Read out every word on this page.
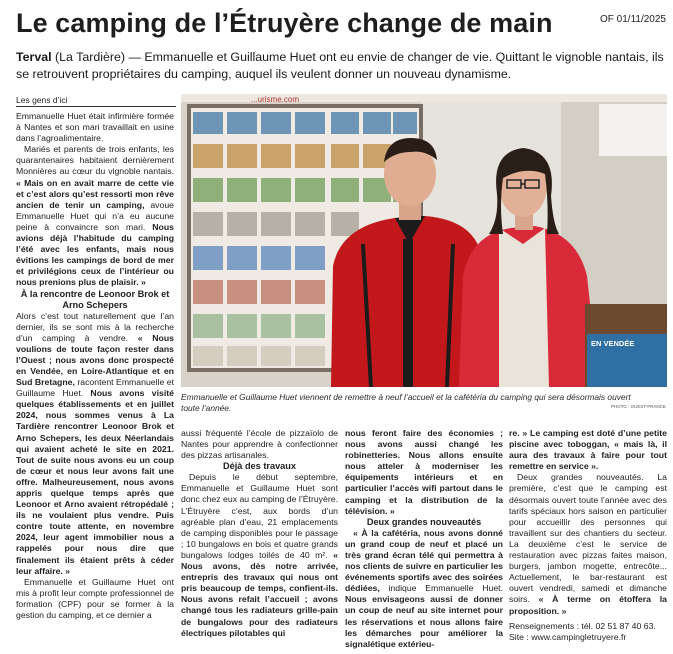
Le camping de l’Étruyère change de main	OF 01/11/2025
Terval (La Tardière) — Emmanuelle et Guillaume Huet ont eu envie de changer de vie. Quittant le vignoble nantais, ils se retrouvent propriétaires du camping, auquel ils veulent donner un nouveau dynamisme.
Les gens d’ici

Emmanuelle Huet était infirmière formée à Nantes et son mari travaillait en usine dans l’agroalimentaire.

Mariés et parents de trois enfants, les quarantenaires habitaient dernièrement Monnières au cœur du vignoble nantais. « Mais on en avait marre de cette vie et c’est alors qu’est ressorti mon rêve ancien de tenir un camping, avoue Emmanuelle Huet qui n’a eu aucune peine à convaincre son mari. Nous avions déjà l’habitude du camping l’été avec les enfants, mais nous évitions les campings de bord de mer et privilégions ceux de l’intérieur ou nous prenions plus de plaisir. »

À la rencontre de Leonoor Brok et Arno Schepers

Alors c’est tout naturellement que l’an dernier, ils se sont mis à la recherche d’un camping à vendre. « Nous voulions de toute façon rester dans l’Ouest ; nous avons donc prospecté en Vendée, en Loire-Atlantique et en Sud Bretagne, racontent Emmanuelle et Guillaume Huet. Nous avons visité quelques établissements et en juillet 2024, nous sommes venus à La Tardière rencontrer Leonoor Brok et Arno Schepers, les deux Néerlandais qui avaient acheté le site en 2021. Tout de suite nous avons eu un coup de cœur et nous leur avons fait une offre. Malheureusement, nous avons appris quelque temps après que Leonoor et Arno avaient rétropédalé ; ils ne voulaient plus vendre. Puis contre toute attente, en novembre 2024, leur agent immobilier nous a rappelés pour nous dire que finalement ils étaient prêts à céder leur affaire. »

Emmanuelle et Guillaume Huet ont mis à profit leur compte professionnel de formation (CPF) pour se former à la gestion du camping, et ce dernier a

...urisme.com
EN VENDÉE
Emmanuelle et Guillaume Huet viennent de remettre à neuf l’accueil et la cafétéria du camping qui sera désormais ouvert toute l’année.	PHOTO : OUEST-FRANCE

aussi fréquenté l’école de pizzaïolo de Nantes pour apprendre à confectionner des pizzas artisanales.

Déjà des travaux

Depuis le début septembre, Emmanuelle et Guillaume Huet sont donc chez eux au camping de l’Étruyère. L’Étruyère c’est, aux bords d’un agréable plan d’eau, 21 emplacements de camping disponibles pour le passage ; 10 bungalows en bois et quatre grands bungalows lodges toilés de 40 m². « Nous avons, dès notre arrivée, entrepris des travaux qui nous ont pris beaucoup de temps, confient-ils. Nous avons refait l’accueil ; avons changé tous les radiateurs grille-pain de bungalows pour des radiateurs électriques pilotables qui

nous feront faire des économies ; nous avons aussi changé les robinetteries. Nous allons ensuite nous atteler à moderniser les équipements intérieurs et en particulier l’accès wifi partout dans le camping et la distribution de la télévision. »

Deux grandes nouveautés

« À la cafétéria, nous avons donné un grand coup de neuf et placé un très grand écran télé qui permettra à nos clients de suivre en particulier les événements sportifs avec des soirées dédiées, indique Emmanuelle Huet. Nous envisageons aussi de donner un coup de neuf au site internet pour les réservations et nous allons faire les démarches pour améliorer la signalétique extérieu-

re. » Le camping est doté d’une petite piscine avec toboggan, « mais là, il aura des travaux à faire pour tout remettre en service ».

Deux grandes nouveautés. La première, c’est que le camping est désormais ouvert toute l’année avec des tarifs spéciaux hors saison en particulier pour accueillir des personnes qui travaillent sur des chantiers du secteur. La deuxième c’est le service de restauration avec pizzas faites maison, burgers, jambon mogette, entrecôte... Actuellement, le bar-restaurant est ouvert vendredi, samedi et dimanche soirs. « À terme on étoffera la proposition. »

Renseignements : tél. 02 51 87 40 63.

Site : www.campingletruyere.fr
